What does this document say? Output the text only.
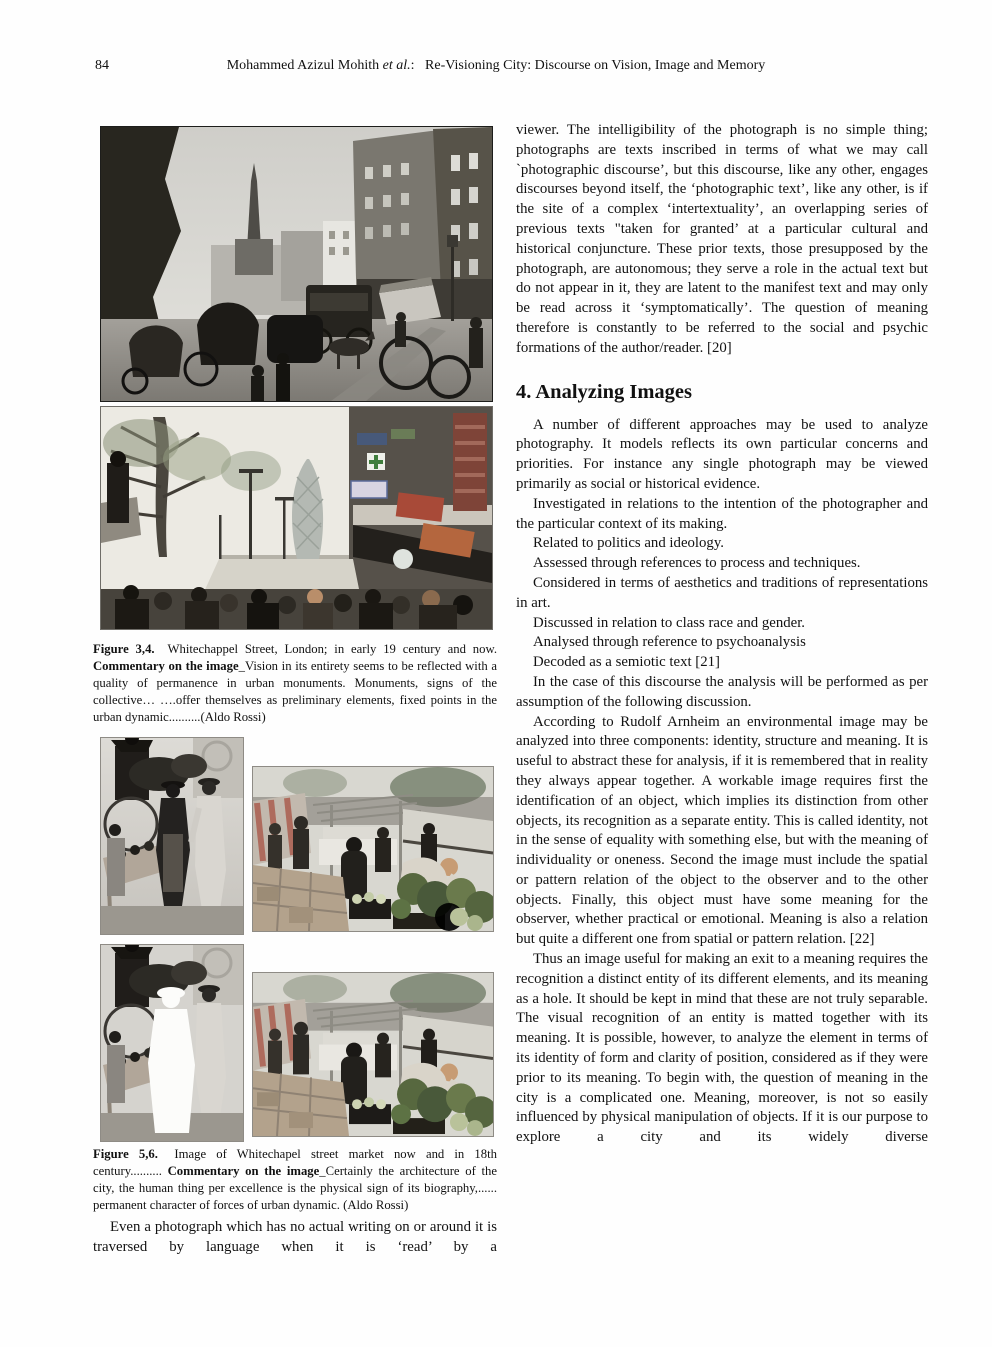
84	Mohammed Azizul Mohith et al.:  Re-Visioning City: Discourse on Vision, Image and Memory

Figure 3,4.  Whitechappel Street, London; in early 19 century and now. Commentary on the image_Vision in its entirety seems to be reflected with a quality of permanence in urban monuments. Monuments, signs of the collective… ….offer themselves as preliminary elements, fixed points in the urban dynamic..........(Aldo Rossi)

Figure 5,6.  Image of Whitechapel street market now and in 18th century.......... Commentary on the image_Certainly the architecture of the city, the human thing per excellence is the physical sign of its biography,...... permanent character of forces of urban dynamic. (Aldo Rossi)

Even a photograph which has no actual writing on or around it is traversed by language when it is ‘read’ by a

viewer. The intelligibility of the photograph is no simple thing; photographs are texts inscribed in terms of what we may call `photographic discourse’, but this discourse, like any other, engages discourses beyond itself, the ‘photographic text’, like any other, is if the site of a complex ‘intertextuality’, an overlapping series of previous texts "taken for granted’ at a particular cultural and historical conjuncture. These prior texts, those presupposed by the photograph, are autonomous; they serve a role in the actual text but do not appear in it, they are latent to the manifest text and may only be read across it ‘symptomatically’. The question of meaning therefore is constantly to be referred to the social and psychic formations of the author/reader. [20]

4. Analyzing Images

A number of different approaches may be used to analyze photography. It models reflects its own particular concerns and priorities. For instance any single photograph may be viewed primarily as social or historical evidence.

Investigated in relations to the intention of the photographer and the particular context of its making.

Related to politics and ideology.

Assessed through references to process and techniques.

Considered in terms of aesthetics and traditions of representations in art.

Discussed in relation to class race and gender.

Analysed through reference to psychoanalysis

Decoded as a semiotic text [21]

In the case of this discourse the analysis will be performed as per assumption of the following discussion.

According to Rudolf Arnheim an environmental image may be analyzed into three components: identity, structure and meaning. It is useful to abstract these for analysis, if it is remembered that in reality they always appear together. A workable image requires first the identification of an object, which implies its distinction from other objects, its recognition as a separate entity. This is called identity, not in the sense of equality with something else, but with the meaning of individuality or oneness. Second the image must include the spatial or pattern relation of the object to the observer and to the other objects. Finally, this object must have some meaning for the observer, whether practical or emotional. Meaning is also a relation but quite a different one from spatial or pattern relation. [22]

Thus an image useful for making an exit to a meaning requires the recognition a distinct entity of its different elements, and its meaning as a hole. It should be kept in mind that these are not truly separable. The visual recognition of an entity is matted together with its meaning. It is possible, however, to analyze the element in terms of its identity of form and clarity of position, considered as if they were prior to its meaning. To begin with, the question of meaning in the city is a complicated one. Meaning, moreover, is not so easily influenced by physical manipulation of objects. If it is our purpose to explore a city and its widely diverse
